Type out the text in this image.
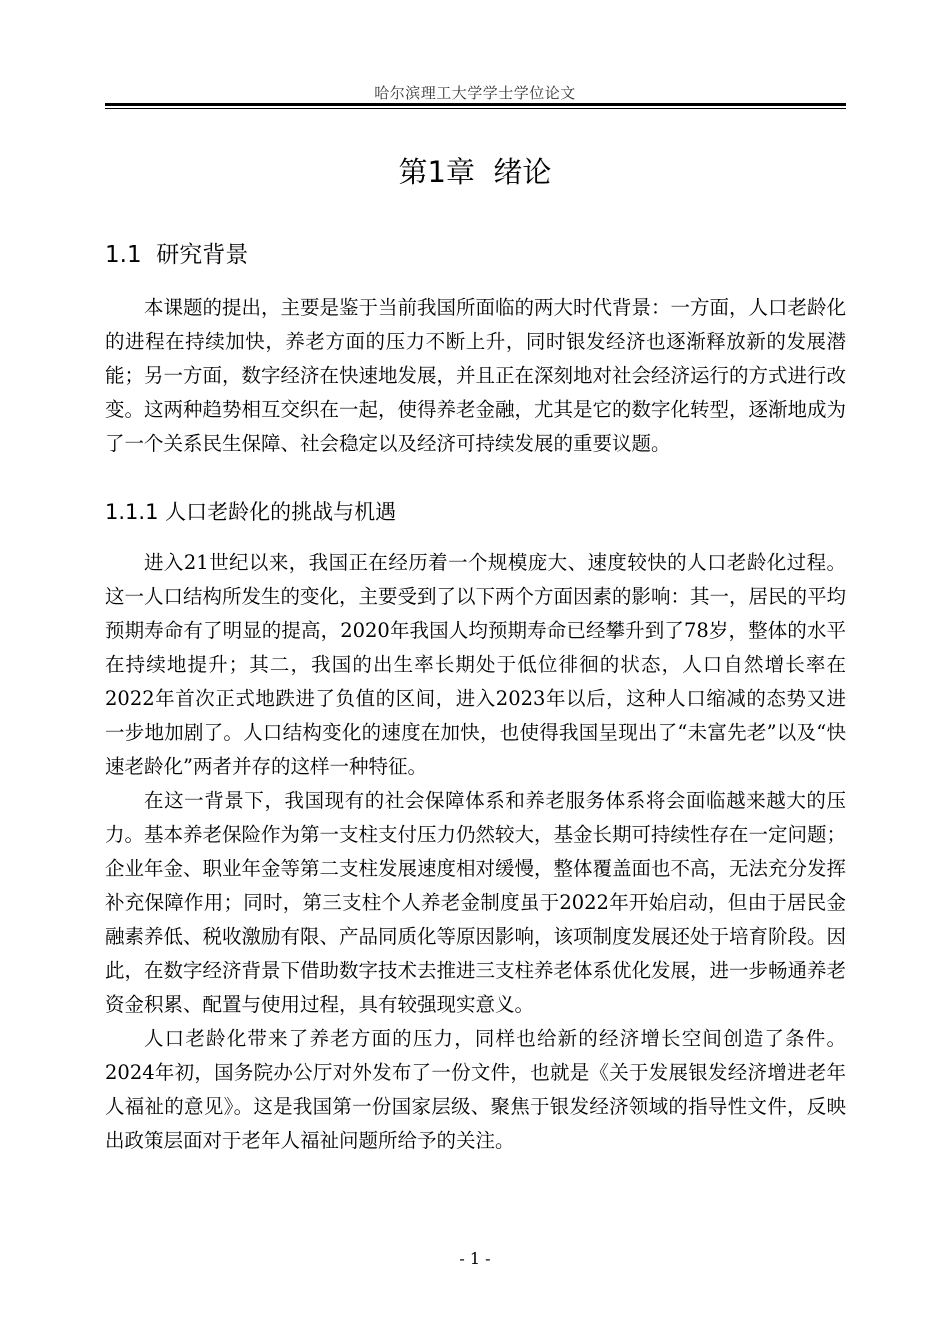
哈尔滨理工大学学士学位论文
第1章  绪论
1.1  研究背景

本课题的提出，主要是鉴于当前我国所面临的两大时代背景：一方面，人口老龄化的进程在持续加快，养老方面的压力不断上升，同时银发经济也逐渐释放新的发展潜能；另一方面，数字经济在快速地发展，并且正在深刻地对社会经济运行的方式进行改变。这两种趋势相互交织在一起，使得养老金融，尤其是它的数字化转型，逐渐地成为了一个关系民生保障、社会稳定以及经济可持续发展的重要议题。

1.1.1 人口老龄化的挑战与机遇

进入21世纪以来，我国正在经历着一个规模庞大、速度较快的人口老龄化过程。这一人口结构所发生的变化，主要受到了以下两个方面因素的影响：其一，居民的平均预期寿命有了明显的提高，2020年我国人均预期寿命已经攀升到了78岁，整体的水平在持续地提升；其二，我国的出生率长期处于低位徘徊的状态，人口自然增长率在2022年首次正式地跌进了负值的区间，进入2023年以后，这种人口缩减的态势又进一步地加剧了。人口结构变化的速度在加快，也使得我国呈现出了“未富先老”以及“快速老龄化”两者并存的这样一种特征。

在这一背景下，我国现有的社会保障体系和养老服务体系将会面临越来越大的压力。基本养老保险作为第一支柱支付压力仍然较大，基金长期可持续性存在一定问题；企业年金、职业年金等第二支柱发展速度相对缓慢，整体覆盖面也不高，无法充分发挥补充保障作用；同时，第三支柱个人养老金制度虽于2022年开始启动，但由于居民金融素养低、税收激励有限、产品同质化等原因影响，该项制度发展还处于培育阶段。因此，在数字经济背景下借助数字技术去推进三支柱养老体系优化发展，进一步畅通养老资金积累、配置与使用过程，具有较强现实意义。

人口老龄化带来了养老方面的压力，同样也给新的经济增长空间创造了条件。2024年初，国务院办公厅对外发布了一份文件，也就是《关于发展银发经济增进老年人福祉的意见》。这是我国第一份国家层级、聚焦于银发经济领域的指导性文件，反映出政策层面对于老年人福祉问题所给予的关注。

- 1 -
